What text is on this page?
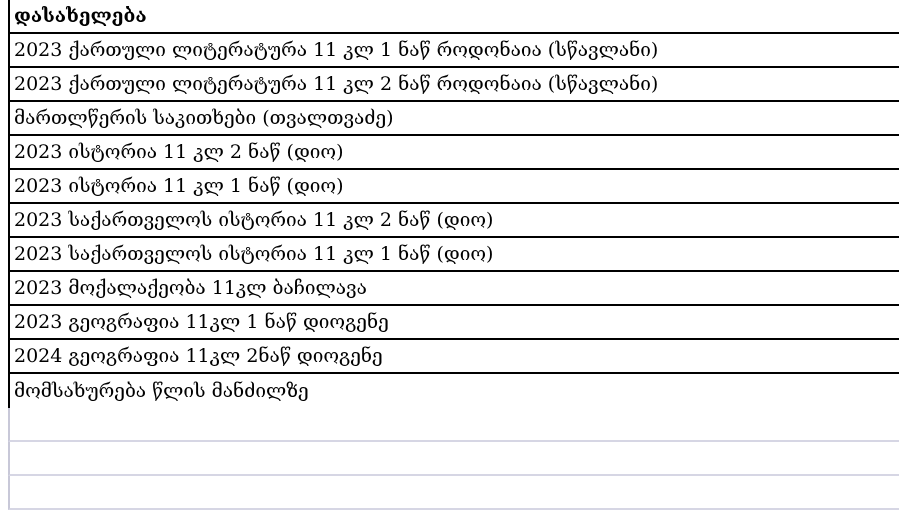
დასახელება
2023 ქართული ლიტერატურა 11 კლ 1 ნაწ როდონაია (სწავლანი)
2023 ქართული ლიტერატურა 11 კლ 2 ნაწ როდონაია (სწავლანი)
მართლწერის საკითხები (თვალთვაძე)
2023 ისტორია 11 კლ 2 ნაწ (დიო)
2023 ისტორია 11 კლ 1 ნაწ (დიო)
2023 საქართველოს ისტორია 11 კლ 2 ნაწ (დიო)
2023 საქართველოს ისტორია 11 კლ 1 ნაწ (დიო)
2023 მოქალაქეობა 11კლ ბაჩილავა
2023 გეოგრაფია 11კლ 1 ნაწ დიოგენე
2024 გეოგრაფია 11კლ 2ნაწ დიოგენე
მომსახურება წლის მანძილზე
